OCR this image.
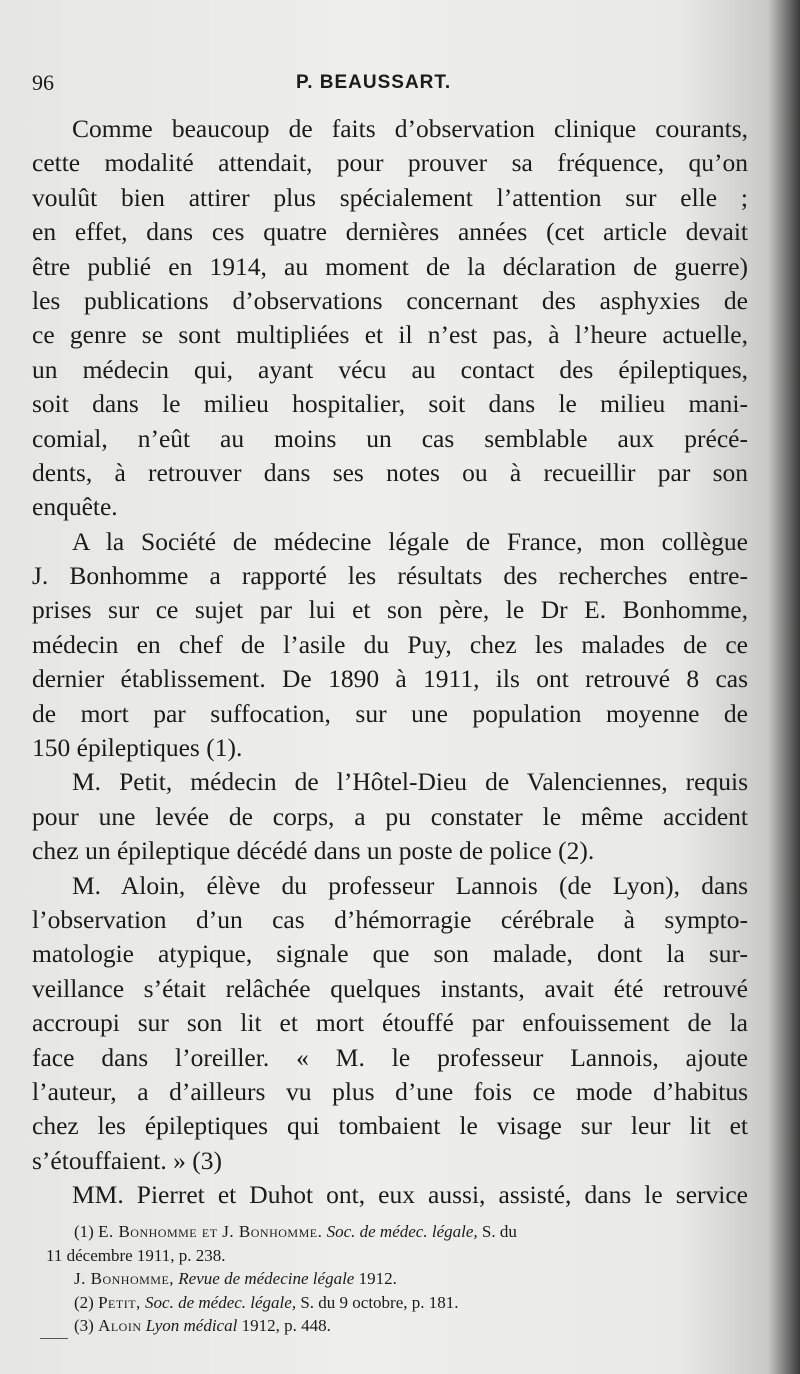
96	P. BEAUSSART.
Comme beaucoup de faits d’observation clinique courants,
cette modalité attendait, pour prouver sa fréquence, qu’on
voulût bien attirer plus spécialement l’attention sur elle ;
en effet, dans ces quatre dernières années (cet article devait
être publié en 1914, au moment de la déclaration de guerre)
les publications d’observations concernant des asphyxies de
ce genre se sont multipliées et il n’est pas, à l’heure actuelle,
un médecin qui, ayant vécu au contact des épileptiques,
soit dans le milieu hospitalier, soit dans le milieu mani-
comial, n’eût au moins un cas semblable aux précé-
dents, à retrouver dans ses notes ou à recueillir par son
enquête.
A la Société de médecine légale de France, mon collègue
J. Bonhomme a rapporté les résultats des recherches entre-
prises sur ce sujet par lui et son père, le Dr E. Bonhomme,
médecin en chef de l’asile du Puy, chez les malades de ce
dernier établissement. De 1890 à 1911, ils ont retrouvé 8 cas
de mort par suffocation, sur une population moyenne de
150 épileptiques (1).
M. Petit, médecin de l’Hôtel-Dieu de Valenciennes, requis
pour une levée de corps, a pu constater le même accident
chez un épileptique décédé dans un poste de police (2).
M. Aloin, élève du professeur Lannois (de Lyon), dans
l’observation d’un cas d’hémorragie cérébrale à sympto-
matologie atypique, signale que son malade, dont la sur-
veillance s’était relâchée quelques instants, avait été retrouvé
accroupi sur son lit et mort étouffé par enfouissement de la
face dans l’oreiller. « M. le professeur Lannois, ajoute
l’auteur, a d’ailleurs vu plus d’une fois ce mode d’habitus
chez les épileptiques qui tombaient le visage sur leur lit et
s’étouffaient. » (3)
MM. Pierret et Duhot ont, eux aussi, assisté, dans le service
(1) E. Bonhomme et J. Bonhomme. Soc. de médec. légale, S. du
11 décembre 1911, p. 238.
J. Bonhomme, Revue de médecine légale 1912.
(2) Petit, Soc. de médec. légale, S. du 9 octobre, p. 181.
(3) Aloin Lyon médical 1912, p. 448.
